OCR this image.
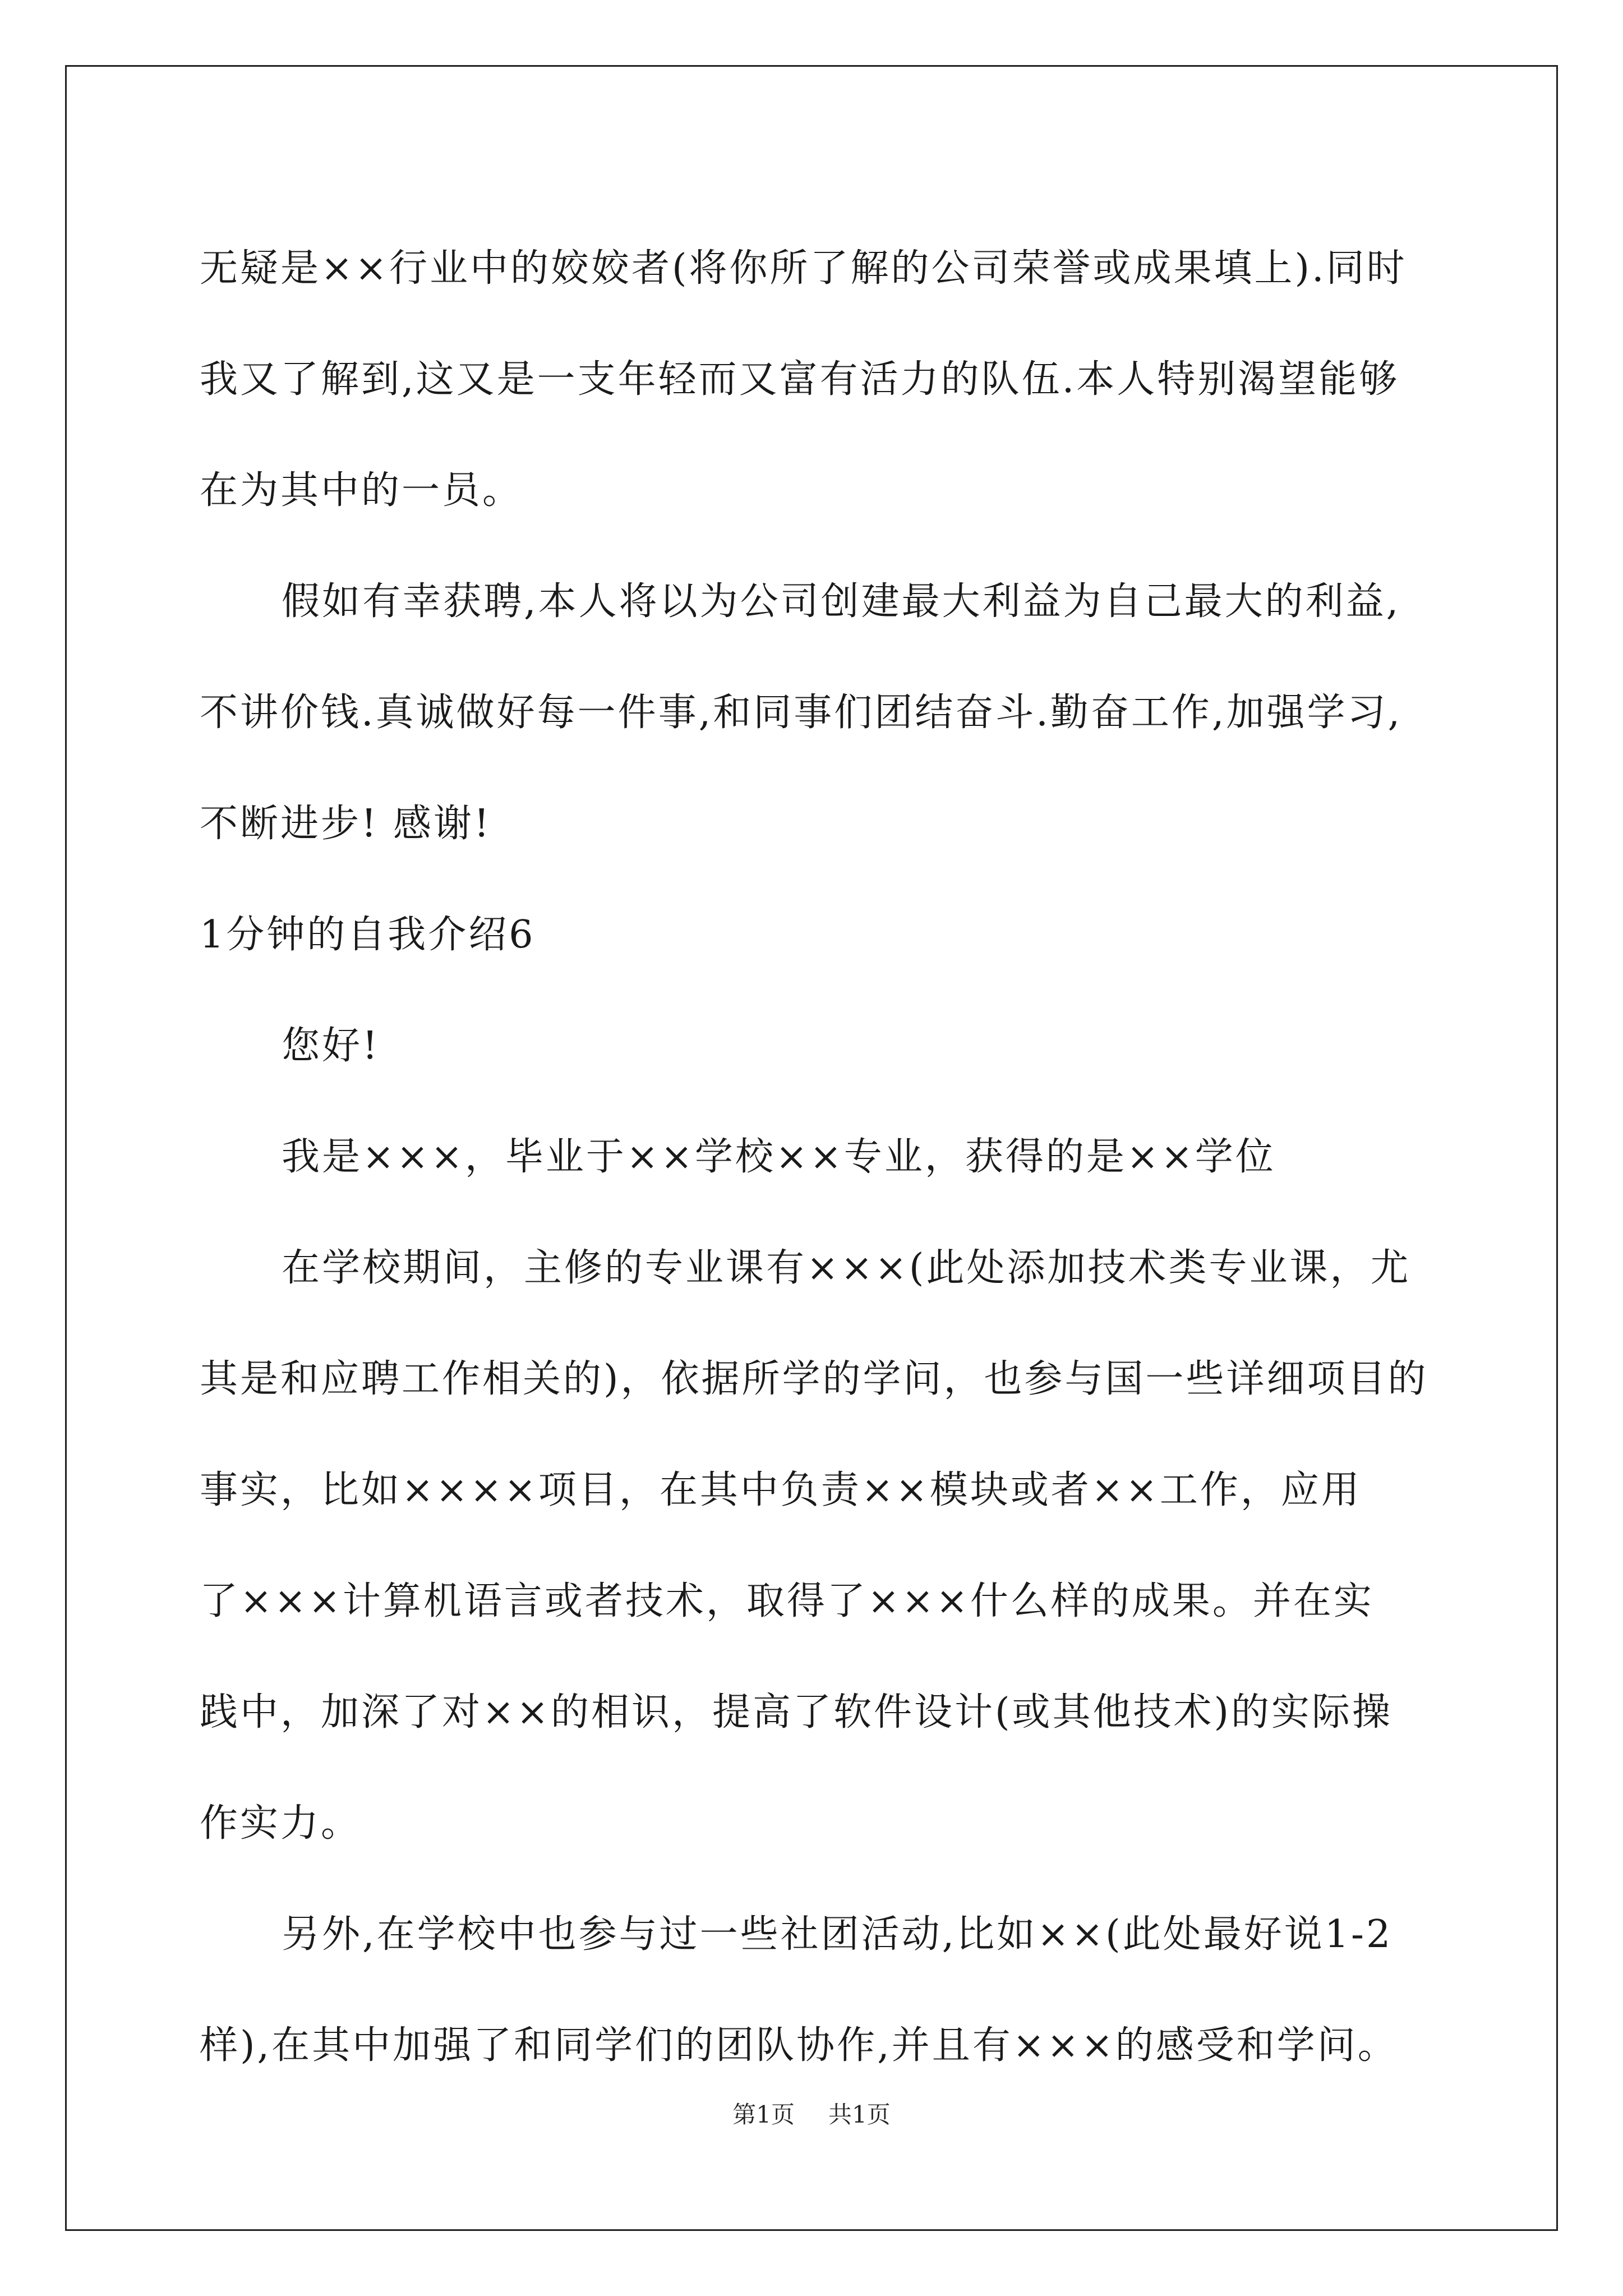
无疑是××行业中的姣姣者(将你所了解的公司荣誉或成果填上).同时
我又了解到,这又是一支年轻而又富有活力的队伍.本人特别渴望能够
在为其中的一员。
假如有幸获聘,本人将以为公司创建最大利益为自己最大的利益,
不讲价钱.真诚做好每一件事,和同事们团结奋斗.勤奋工作,加强学习,
不断进步! 感谢!
1分钟的自我介绍6
您好!
我是×××，毕业于××学校××专业，获得的是××学位
在学校期间，主修的专业课有×××(此处添加技术类专业课，尤
其是和应聘工作相关的)，依据所学的学问，也参与国一些详细项目的
事实，比如××××项目，在其中负责××模块或者××工作，应用
了×××计算机语言或者技术，取得了×××什么样的成果。并在实
践中，加深了对××的相识，提高了软件设计(或其他技术)的实际操
作实力。
另外,在学校中也参与过一些社团活动,比如××(此处最好说1-2
样),在其中加强了和同学们的团队协作,并且有×××的感受和学问。
第1页 共1页
